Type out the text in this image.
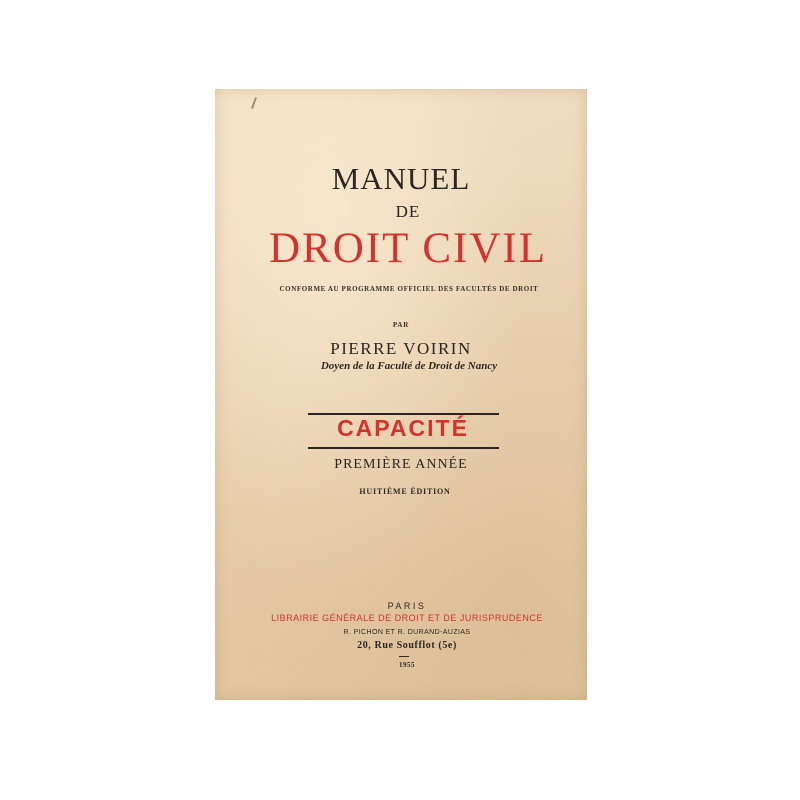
MANUEL
DE
DROIT CIVIL
CONFORME AU PROGRAMME OFFICIEL DES FACULTÉS DE DROIT
PAR
PIERRE VOIRIN
Doyen de la Faculté de Droit de Nancy
CAPACITÉ
PREMIÈRE ANNÉE
HUITIÈME ÉDITION
PARIS
LIBRAIRIE GÉNÉRALE DE DROIT ET DE JURISPRUDENCE
R. PICHON ET R. DURAND-AUZIAS
20, Rue Soufflot (5e)
1955
